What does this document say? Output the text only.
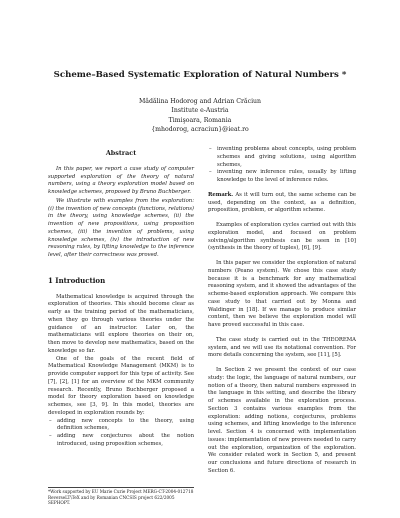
Scheme–Based Systematic Exploration of Natural Numbers *
Mădălina Hodorog and Adrian Crăciun
Institute e-Austria
Timişoara, Romania
{mhodorog, acraciun}@ieat.ro
Abstract

In this paper, we report a case study of computer supported exploration of the theory of natural numbers, using a theory exploration model based on knowledge schemes, proposed by Bruno Buchberger.

We illustrate with examples from the exploration: (i) the invention of new concepts (functions, relations) in the theory, using knowledge schemes, (ii) the invention of new propositions, using proposition schemes, (iii) the invention of problems, using knowledge schemes, (iv) the introduction of new reasoning rules, by lifting knowledge to the inference level, after their correctness was proved.

1 Introduction

Mathematical knowledge is acquired through the exploration of theories. This should become clear as early as the training period of the mathematicians, when they go through various theories under the guidance of an instructor. Later on, the mathematicians will explore theories on their on, then move to develop new mathematics, based on the knowledge so far.

One of the goals of the recent field of Mathematical Knowledge Management (MKM) is to provide computer support for this type of activity. See [7], [2], [1] for an overview of the MKM community research. Recently, Bruno Buchberger proposed a model for theory exploration based on knowledge schemes, see [3, 9]. In this model, theories are developed in exploration rounds by:

– adding new concepts to the theory, using definition schemes,
– adding new conjectures about the notion introduced, using proposition schemes,
*Work supported by EU Marie Curie Project MERG-CT-2004-012718 ReverseLT\TeX and by Romanian CNCSIS project 622/2005 SEPHOPT.
– inventing problems about concepts, using problem schemes and giving solutions, using algorithm schemes,
– inventing new inference rules, usually by lifting knowledge to the level of inference rules.

Remark. As it will turn out, the same scheme can be used, depending on the context, as a definition, proposition, problem, or algorithm scheme.

Examples of exploration cycles carried out with this exploration model, and focused on problem solving/algorithm synthesis can be seen in [10](synthesis in the theory of tuples), [6], [9].

In this paper we consider the exploration of natural numbers (Peano system). We chose this case study because it is a benchmark for any mathematical reasoning system, and it showed the advantages of the scheme-based exploration approach. We compare this case study to that carried out by Monna and Waldinger in [18]. If we manage to produce similar content, then we believe the exploration model will have proved successful in this case.

The case study is carried out in the THEOREMA system, and we will use its notational convention. For more details concerning the system, see [11], [5].

In Section 2 we present the context of our case study: the logic, the language of natural numbers, our notion of a theory, then natural numbers expressed in the language in this setting, and describe the library of schemes available in the exploration process. Section 3 contains various examples from the exploration: adding notions, conjectures, problems using schemes, and lifting knowledge to the inference level. Section 4 is concerned with implementation issues: implementation of new provers needed to carry out the exploration, organization of the exploration. We consider related work in Section 5, and present our conclusions and future directions of research in Section 6.
